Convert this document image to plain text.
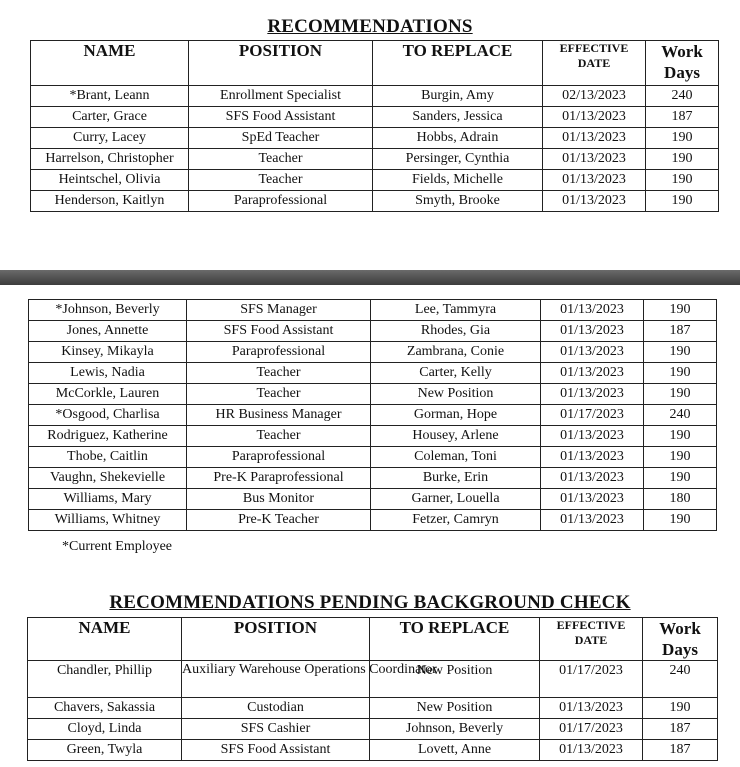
RECOMMENDATIONS
NAME	POSITION	TO REPLACE	EFFECTIVE DATE	Work Days
*Brant, Leann	Enrollment Specialist	Burgin, Amy	02/13/2023	240
Carter, Grace	SFS Food Assistant	Sanders, Jessica	01/13/2023	187
Curry, Lacey	SpEd Teacher	Hobbs, Adrain	01/13/2023	190
Harrelson, Christopher	Teacher	Persinger, Cynthia	01/13/2023	190
Heintschel, Olivia	Teacher	Fields, Michelle	01/13/2023	190
Henderson, Kaitlyn	Paraprofessional	Smyth, Brooke	01/13/2023	190
*Johnson, Beverly	SFS Manager	Lee, Tammyra	01/13/2023	190
Jones, Annette	SFS Food Assistant	Rhodes, Gia	01/13/2023	187
Kinsey, Mikayla	Paraprofessional	Zambrana, Conie	01/13/2023	190
Lewis, Nadia	Teacher	Carter, Kelly	01/13/2023	190
McCorkle, Lauren	Teacher	New Position	01/13/2023	190
*Osgood, Charlisa	HR Business Manager	Gorman, Hope	01/17/2023	240
Rodriguez, Katherine	Teacher	Housey, Arlene	01/13/2023	190
Thobe, Caitlin	Paraprofessional	Coleman, Toni	01/13/2023	190
Vaughn, Shekevielle	Pre-K Paraprofessional	Burke, Erin	01/13/2023	190
Williams, Mary	Bus Monitor	Garner, Louella	01/13/2023	180
Williams, Whitney	Pre-K Teacher	Fetzer, Camryn	01/13/2023	190
*Current Employee
RECOMMENDATIONS PENDING BACKGROUND CHECK
NAME	POSITION	TO REPLACE	EFFECTIVE DATE	Work Days
Chandler, Phillip	Auxiliary Warehouse Operations Coordinator	New Position	01/17/2023	240
Chavers, Sakassia	Custodian	New Position	01/13/2023	190
Cloyd, Linda	SFS Cashier	Johnson, Beverly	01/17/2023	187
Green, Twyla	SFS Food Assistant	Lovett, Anne	01/13/2023	187
